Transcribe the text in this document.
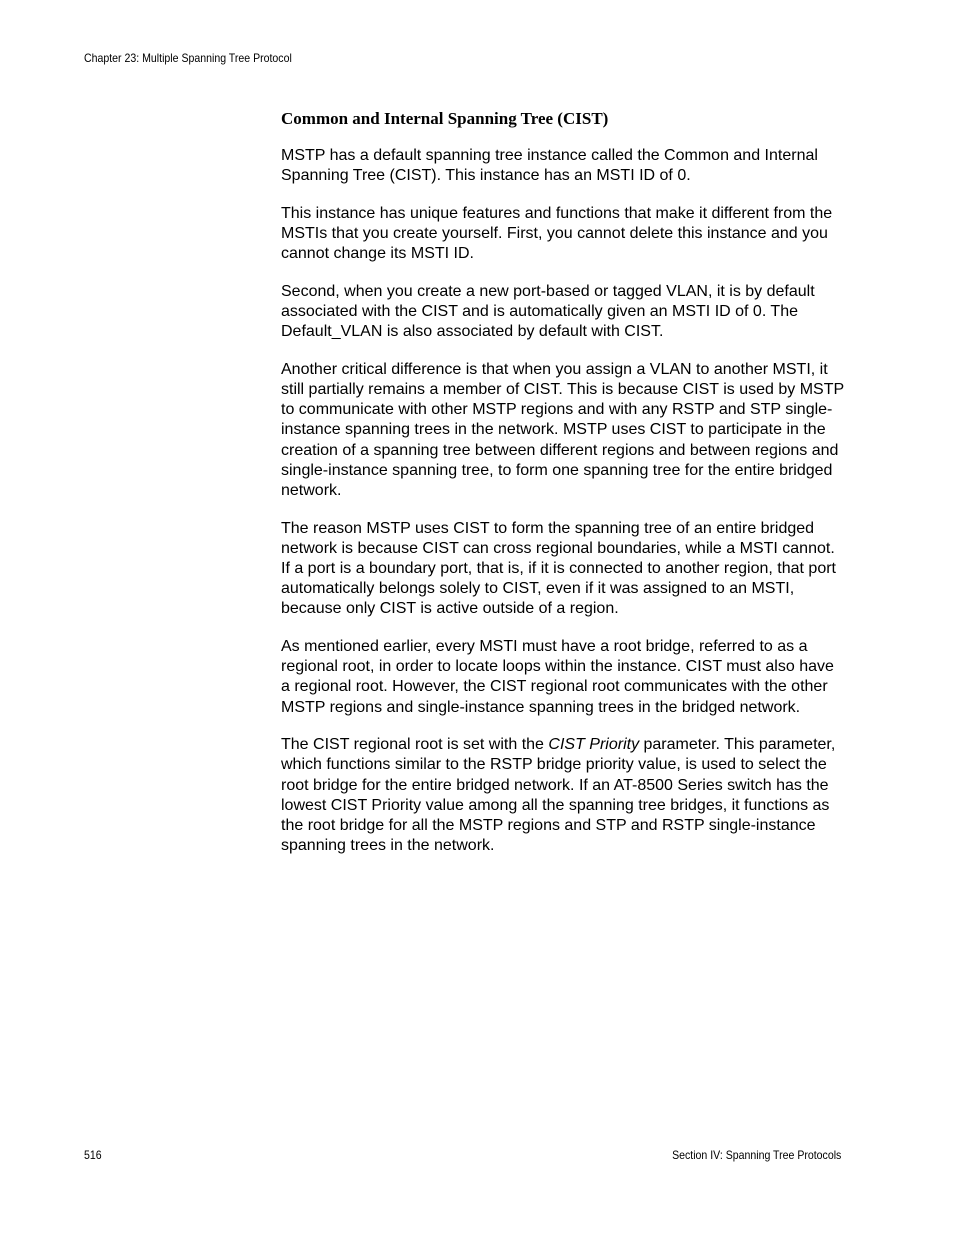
Chapter 23: Multiple Spanning Tree Protocol
Common and Internal Spanning Tree (CIST)

MSTP has a default spanning tree instance called the Common and Internal Spanning Tree (CIST). This instance has an MSTI ID of 0.

This instance has unique features and functions that make it different from the MSTIs that you create yourself. First, you cannot delete this instance and you cannot change its MSTI ID.

Second, when you create a new port-based or tagged VLAN, it is by default associated with the CIST and is automatically given an MSTI ID of 0. The Default_VLAN is also associated by default with CIST.

Another critical difference is that when you assign a VLAN to another MSTI, it still partially remains a member of CIST. This is because CIST is used by MSTP to communicate with other MSTP regions and with any RSTP and STP single-instance spanning trees in the network. MSTP uses CIST to participate in the creation of a spanning tree between different regions and between regions and single-instance spanning tree, to form one spanning tree for the entire bridged network.

The reason MSTP uses CIST to form the spanning tree of an entire bridged network is because CIST can cross regional boundaries, while a MSTI cannot. If a port is a boundary port, that is, if it is connected to another region, that port automatically belongs solely to CIST, even if it was assigned to an MSTI, because only CIST is active outside of a region.

As mentioned earlier, every MSTI must have a root bridge, referred to as a regional root, in order to locate loops within the instance. CIST must also have a regional root. However, the CIST regional root communicates with the other MSTP regions and single-instance spanning trees in the bridged network.

The CIST regional root is set with the CIST Priority parameter. This parameter, which functions similar to the RSTP bridge priority value, is used to select the root bridge for the entire bridged network. If an AT-8500 Series switch has the lowest CIST Priority value among all the spanning tree bridges, it functions as the root bridge for all the MSTP regions and STP and RSTP single-instance spanning trees in the network.

516	Section IV: Spanning Tree Protocols
